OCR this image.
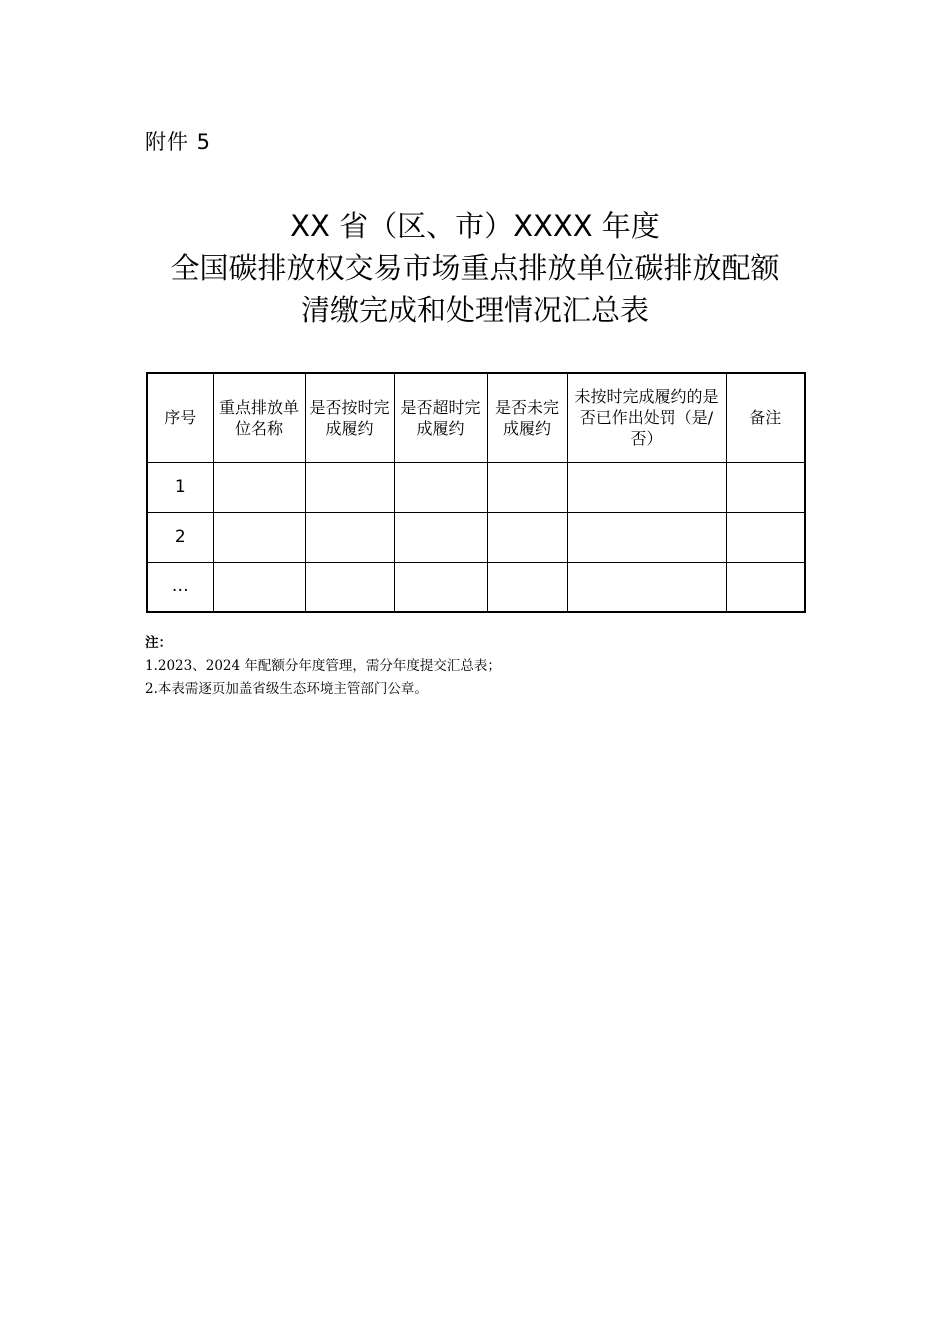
附件 5
XX 省（区、市）XXXX 年度
全国碳排放权交易市场重点排放单位碳排放配额
清缴完成和处理情况汇总表
序号	重点排放单位名称	是否按时完成履约	是否超时完成履约	是否未完成履约	未按时完成履约的是否已作出处罚（是/否）	备注
1						
2						
…						
注：
1.2023、2024 年配额分年度管理，需分年度提交汇总表；
2.本表需逐页加盖省级生态环境主管部门公章。
